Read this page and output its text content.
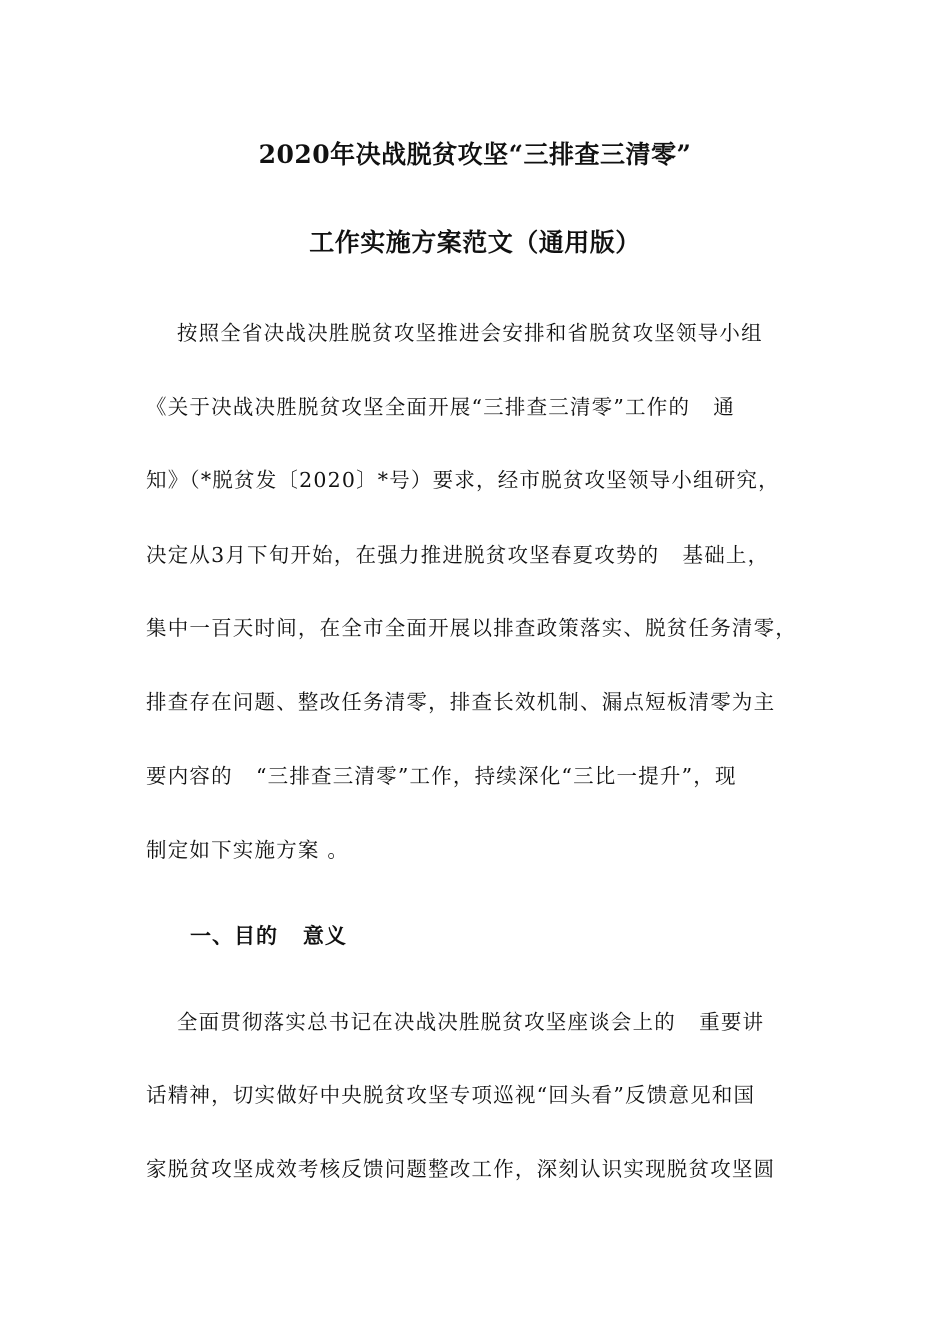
2020年决战脱贫攻坚“三排查三清零”
工作实施方案范文（通用版）
按照全省决战决胜脱贫攻坚推进会安排和省脱贫攻坚领导小组
《关于决战决胜脱贫攻坚全面开展“三排查三清零”工作的   通
知》（*脱贫发〔2020〕*号）要求，经市脱贫攻坚领导小组研究，
决定从3月下旬开始，在强力推进脱贫攻坚春夏攻势的   基础上，
集中一百天时间，在全市全面开展以排查政策落实、脱贫任务清零，
排查存在问题、整改任务清零，排查长效机制、漏点短板清零为主
要内容的   “三排查三清零”工作，持续深化“三比一提升”，现
制定如下实施方案 。
一、目的   意义
全面贯彻落实总书记在决战决胜脱贫攻坚座谈会上的   重要讲
话精神，切实做好中央脱贫攻坚专项巡视“回头看”反馈意见和国
家脱贫攻坚成效考核反馈问题整改工作，深刻认识实现脱贫攻坚圆
